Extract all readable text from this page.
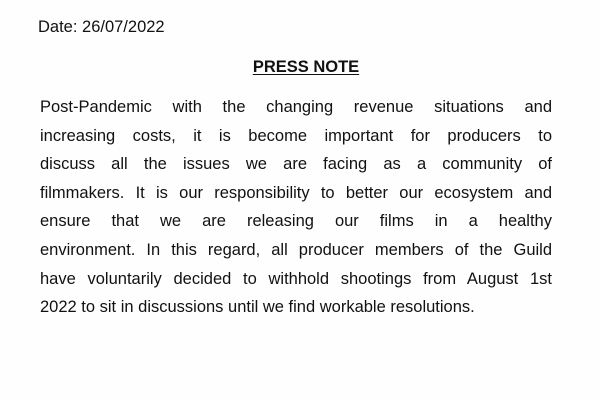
Date: 26/07/2022
PRESS NOTE
Post-Pandemic with the changing revenue situations and
increasing costs, it is become important for producers to
discuss all the issues we are facing as a community of
filmmakers. It is our responsibility to better our ecosystem and
ensure that we are releasing our films in a healthy
environment. In this regard, all producer members of the Guild
have voluntarily decided to withhold shootings from August 1st
2022 to sit in discussions until we find workable resolutions.
